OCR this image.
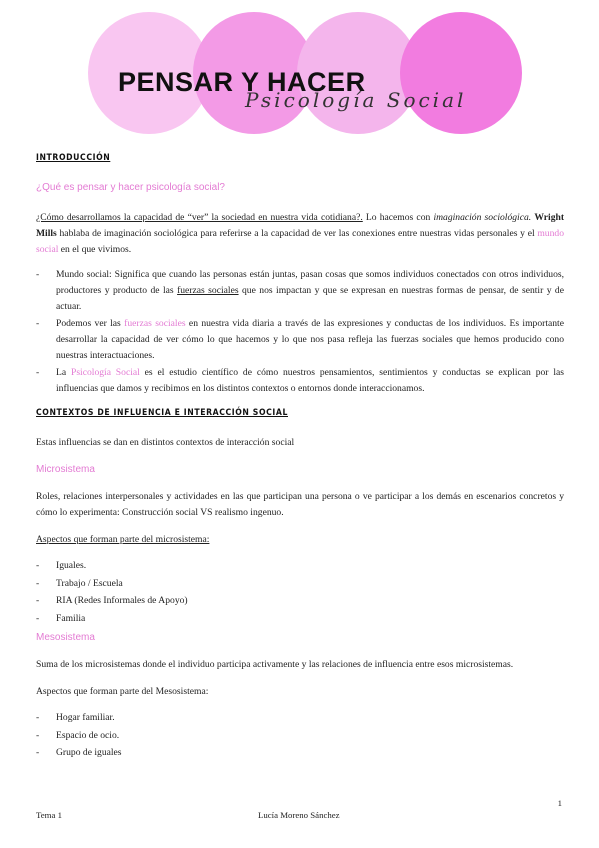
PENSAR Y HACER
Psicología Social
INTRODUCCIÓN

¿Qué es pensar y hacer psicología social?

¿Cómo desarrollamos la capacidad de “ver” la sociedad en nuestra vida cotidiana?. Lo hacemos con imaginación sociológica. Wright Mills hablaba de imaginación sociológica para referirse a la capacidad de ver las conexiones entre nuestras vidas personales y el mundo social en el que vivimos.

- Mundo social: Significa que cuando las personas están juntas, pasan cosas que somos individuos conectados con otros individuos, productores y producto de las fuerzas sociales que nos impactan y que se expresan en nuestras formas de pensar, de sentir y de actuar.
- Podemos ver las fuerzas sociales en nuestra vida diaria a través de las expresiones y conductas de los individuos. Es importante desarrollar la capacidad de ver cómo lo que hacemos y lo que nos pasa refleja las fuerzas sociales que hemos producido cono nuestras interactuaciones.
- La Psicología Social es el estudio científico de cómo nuestros pensamientos, sentimientos y conductas se explican por las influencias que damos y recibimos en los distintos contextos o entornos donde interaccionamos.
CONTEXTOS DE INFLUENCIA E INTERACCIÓN SOCIAL

Estas influencias se dan en distintos contextos de interacción social

Microsistema

Roles, relaciones interpersonales y actividades en las que participan una persona o ve participar a los demás en escenarios concretos y cómo lo experimenta: Construcción social VS realismo ingenuo.

Aspectos que forman parte del microsistema:

- Iguales.
- Trabajo / Escuela
- RIA (Redes Informales de Apoyo)
- Familia

Mesosistema

Suma de los microsistemas donde el individuo participa activamente y las relaciones de influencia entre esos microsistemas.

Aspectos que forman parte del Mesosistema:

- Hogar familiar.
- Espacio de ocio.
- Grupo de iguales
1
Tema 1	Lucía Moreno Sánchez
